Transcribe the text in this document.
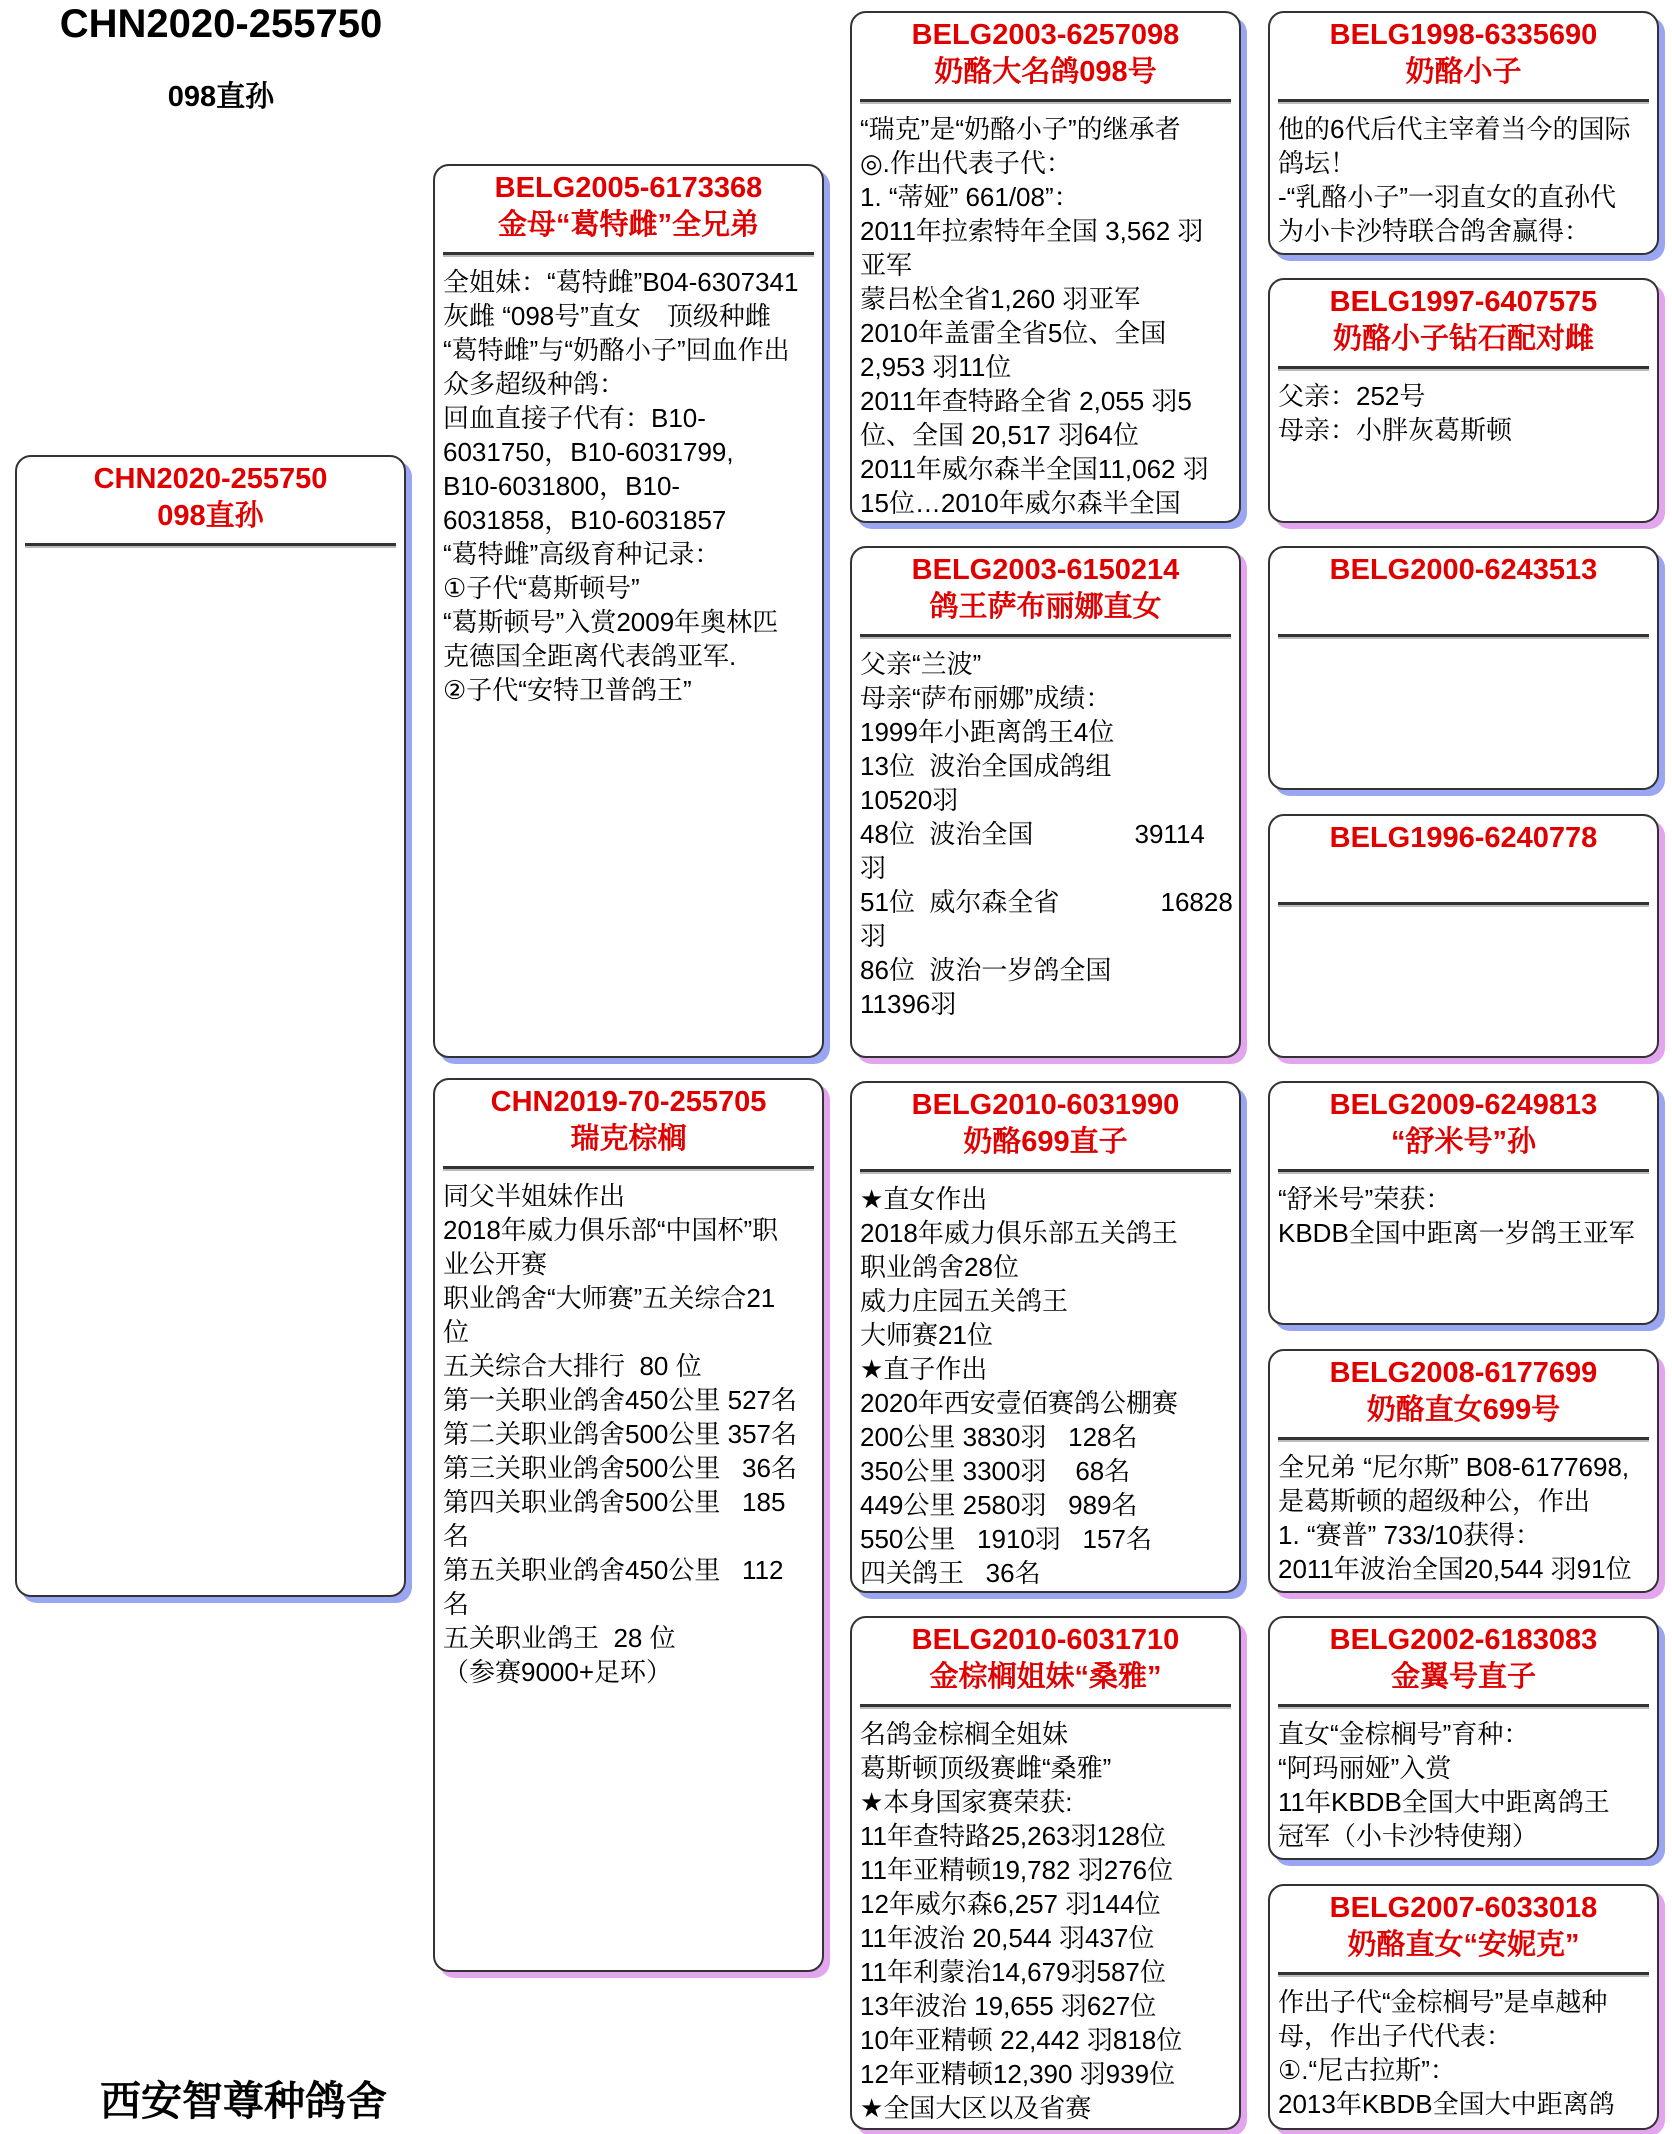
CHN2020-255750
098直孙
CHN2020-255750
098直孙
BELG2005-6173368
金母“葛特雌”全兄弟
全姐妹：“葛特雌”B04-6307341
灰雌 “098号”直女　顶级种雌
“葛特雌”与“奶酪小子”回血作出
众多超级种鸽：
回血直接子代有：B10-
6031750，B10-6031799,
B10-6031800，B10-
6031858，B10-6031857
“葛特雌”高级育种记录：
①子代“葛斯顿号”
“葛斯顿号”入赏2009年奥林匹
克德国全距离代表鸽亚军.
②子代“安特卫普鸽王”
CHN2019-70-255705
瑞克棕榈
同父半姐妹作出
2018年威力俱乐部“中国杯”职
业公开赛
职业鸽舍“大师赛”五关综合21
位
五关综合大排行  80 位
第一关职业鸽舍450公里 527名
第二关职业鸽舍500公里 357名
第三关职业鸽舍500公里   36名
第四关职业鸽舍500公里   185
名
第五关职业鸽舍450公里   112
名
五关职业鸽王  28 位
（参赛9000+足环）
BELG2003-6257098
奶酪大名鸽098号
“瑞克”是“奶酪小子”的继承者
◎.作出代表子代：
1. “蒂娅” 661/08”：
2011年拉索特年全国 3,562 羽
亚军
蒙吕松全省1,260 羽亚军
2010年盖雷全省5位、全国
2,953 羽11位
2011年查特路全省 2,055 羽5
位、全国 20,517 羽64位
2011年威尔森半全国11,062 羽
15位…2010年威尔森半全国
BELG2003-6150214
鸽王萨布丽娜直女
父亲“兰波”
母亲“萨布丽娜”成绩：
1999年小距离鸽王4位
13位  波治全国成鸽组
10520羽
48位  波治全国              39114
羽
51位  威尔森全省              16828
羽
86位  波治一岁鸽全国
11396羽
BELG2010-6031990
奶酪699直子
★直女作出
2018年威力俱乐部五关鸽王
职业鸽舍28位
威力庄园五关鸽王
大师赛21位
★直子作出
2020年西安壹佰赛鸽公棚赛
200公里 3830羽   128名
350公里 3300羽    68名
449公里 2580羽   989名
550公里   1910羽   157名
四关鸽王   36名
BELG2010-6031710
金棕榈姐妹“桑雅”
名鸽金棕榈全姐妹
葛斯顿顶级赛雌“桑雅”
★本身国家赛荣获:
11年查特路25,263羽128位
11年亚精顿19,782 羽276位
12年威尔森6,257 羽144位
11年波治 20,544 羽437位
11年利蒙治14,679羽587位
13年波治 19,655 羽627位
10年亚精顿 22,442 羽818位
12年亚精顿12,390 羽939位
★全国大区以及省赛
BELG1998-6335690
奶酪小子
他的6代后代主宰着当今的国际
鸽坛！
-“乳酪小子”一羽直女的直孙代
为小卡沙特联合鸽舍赢得：
BELG1997-6407575
奶酪小子钻石配对雌
父亲：252号
母亲：小胖灰葛斯顿
BELG2000-6243513
BELG1996-6240778
BELG2009-6249813
“舒米号”孙
“舒米号”荣获：
KBDB全国中距离一岁鸽王亚军
BELG2008-6177699
奶酪直女699号
全兄弟 “尼尔斯” B08-6177698,
是葛斯顿的超级种公，作出
1. “赛普” 733/10获得：
2011年波治全国20,544 羽91位
BELG2002-6183083
金翼号直子
直女“金棕榈号”育种：
“阿玛丽娅”入赏
11年KBDB全国大中距离鸽王
冠军（小卡沙特使翔）
BELG2007-6033018
奶酪直女“安妮克”
作出子代“金棕榈号”是卓越种
母，作出子代代表：
①.“尼古拉斯”：
2013年KBDB全国大中距离鸽
西安智尊种鸽舍
